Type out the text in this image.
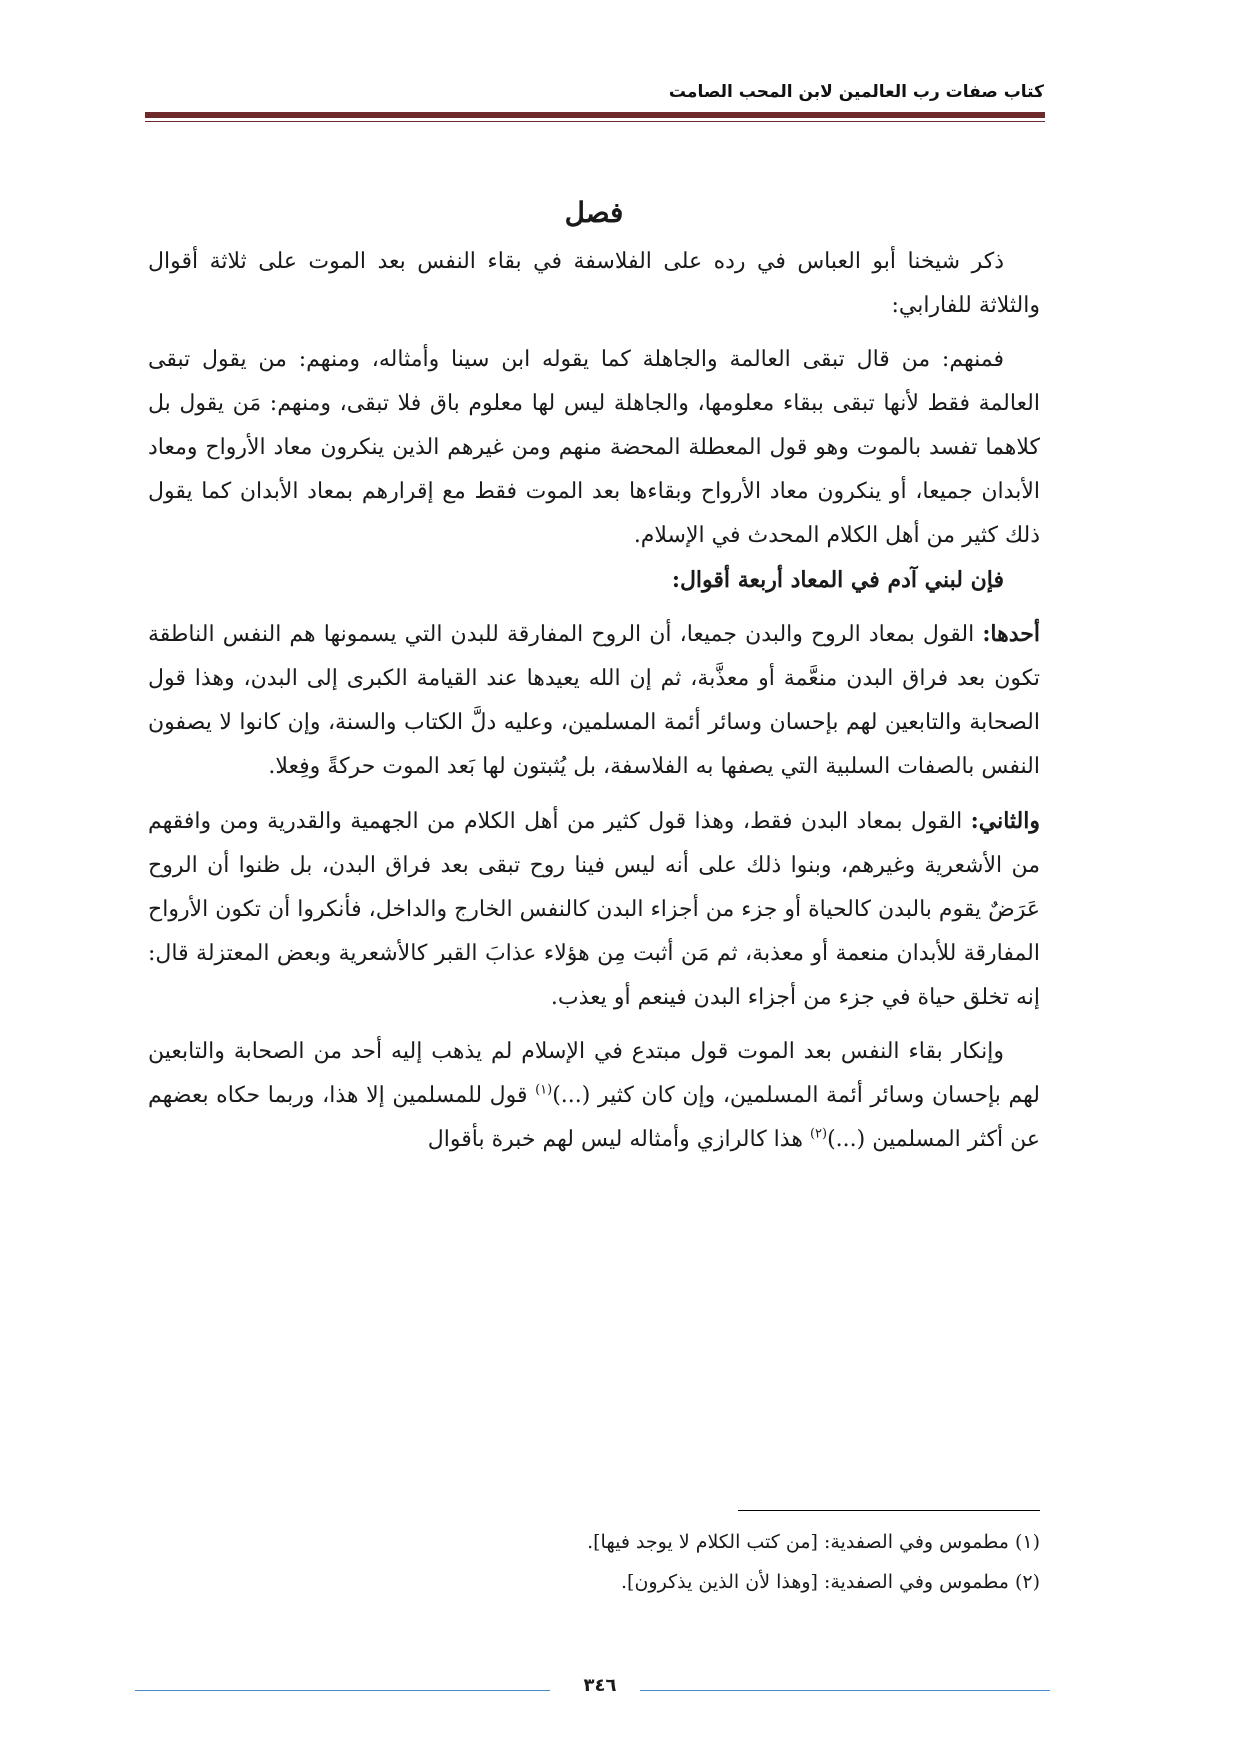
كتاب صفات رب العالمين لابن المحب الصامت

فصل

ذكر شيخنا أبو العباس في رده على الفلاسفة في بقاء النفس بعد الموت على ثلاثة أقوال والثلاثة للفارابي:

فمنهم: من قال تبقى العالمة والجاهلة كما يقوله ابن سينا وأمثاله، ومنهم: من يقول تبقى العالمة فقط لأنها تبقى ببقاء معلومها، والجاهلة ليس لها معلوم باق فلا تبقى، ومنهم: مَن يقول بل كلاهما تفسد بالموت وهو قول المعطلة المحضة منهم ومن غيرهم الذين ينكرون معاد الأرواح ومعاد الأبدان جميعا، أو ينكرون معاد الأرواح وبقاءها بعد الموت فقط مع إقرارهم بمعاد الأبدان كما يقول ذلك كثير من أهل الكلام المحدث في الإسلام.

فإن لبني آدم في المعاد أربعة أقوال:

أحدها: القول بمعاد الروح والبدن جميعا، أن الروح المفارقة للبدن التي يسمونها هم النفس الناطقة تكون بعد فراق البدن منعَّمة أو معذَّبة، ثم إن الله يعيدها عند القيامة الكبرى إلى البدن، وهذا قول الصحابة والتابعين لهم بإحسان وسائر أئمة المسلمين، وعليه دلَّ الكتاب والسنة، وإن كانوا لا يصفون النفس بالصفات السلبية التي يصفها به الفلاسفة، بل يُثبتون لها بَعد الموت حركةً وفِعلا.

والثاني: القول بمعاد البدن فقط، وهذا قول كثير من أهل الكلام من الجهمية والقدرية ومن وافقهم من الأشعرية وغيرهم، وبنوا ذلك على أنه ليس فينا روح تبقى بعد فراق البدن، بل ظنوا أن الروح عَرَضٌ يقوم بالبدن كالحياة أو جزء من أجزاء البدن كالنفس الخارج والداخل، فأنكروا أن تكون الأرواح المفارقة للأبدان منعمة أو معذبة، ثم مَن أثبت مِن هؤلاء عذابَ القبر كالأشعرية وبعض المعتزلة قال: إنه تخلق حياة في جزء من أجزاء البدن فينعم أو يعذب.

وإنكار بقاء النفس بعد الموت قول مبتدع في الإسلام لم يذهب إليه أحد من الصحابة والتابعين لهم بإحسان وسائر أئمة المسلمين، وإن كان كثير (...)$^{(١)}$ قول للمسلمين إلا هذا، وربما حكاه بعضهم عن أكثر المسلمين (...)$^{(٢)}$ هذا كالرازي وأمثاله ليس لهم خبرة بأقوال

(١) مطموس وفي الصفدية: [من كتب الكلام لا يوجد فيها].

(٢) مطموس وفي الصفدية: [وهذا لأن الذين يذكرون].

٣٤٦
